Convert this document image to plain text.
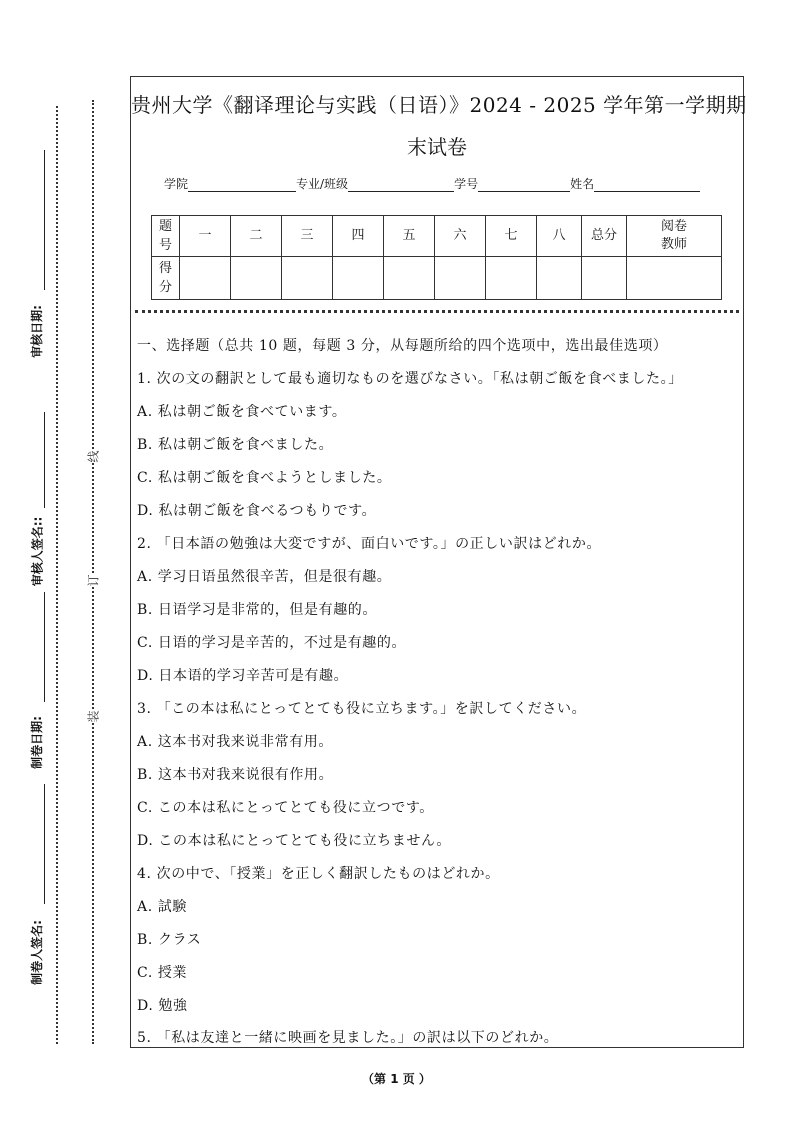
审核日期:
审核人签名::
制卷日期:
制卷人签名:
线
订
装
贵州大学《翻译理论与实践（日语）》2024 - 2025 学年第一学期期
末试卷
学院	专业/班级	学号	姓名
题号	一	二	三	四	五	六	七	八	总分	阅卷教师
得分										
一、选择题（总共 10 题，每题 3 分，从每题所给的四个选项中，选出最佳选项）
1. 次の文の翻訳として最も適切なものを選びなさい。「私は朝ご飯を食べました。」
A. 私は朝ご飯を食べています。
B. 私は朝ご飯を食べました。
C. 私は朝ご飯を食べようとしました。
D. 私は朝ご飯を食べるつもりです。
2. 「日本語の勉強は大変ですが、面白いです。」の正しい訳はどれか。
A. 学习日语虽然很辛苦，但是很有趣。
B. 日语学习是非常的，但是有趣的。
C. 日语的学习是辛苦的，不过是有趣的。
D. 日本语的学习辛苦可是有趣。
3. 「この本は私にとってとても役に立ちます。」を訳してください。
A. 这本书对我来说非常有用。
B. 这本书对我来说很有作用。
C. この本は私にとってとても役に立つです。
D. この本は私にとってとても役に立ちません。
4. 次の中で、「授業」を正しく翻訳したものはどれか。
A. 試験
B. クラス
C. 授業
D. 勉強
5. 「私は友達と一緒に映画を見ました。」の訳は以下のどれか。
（第 1 页 ）
